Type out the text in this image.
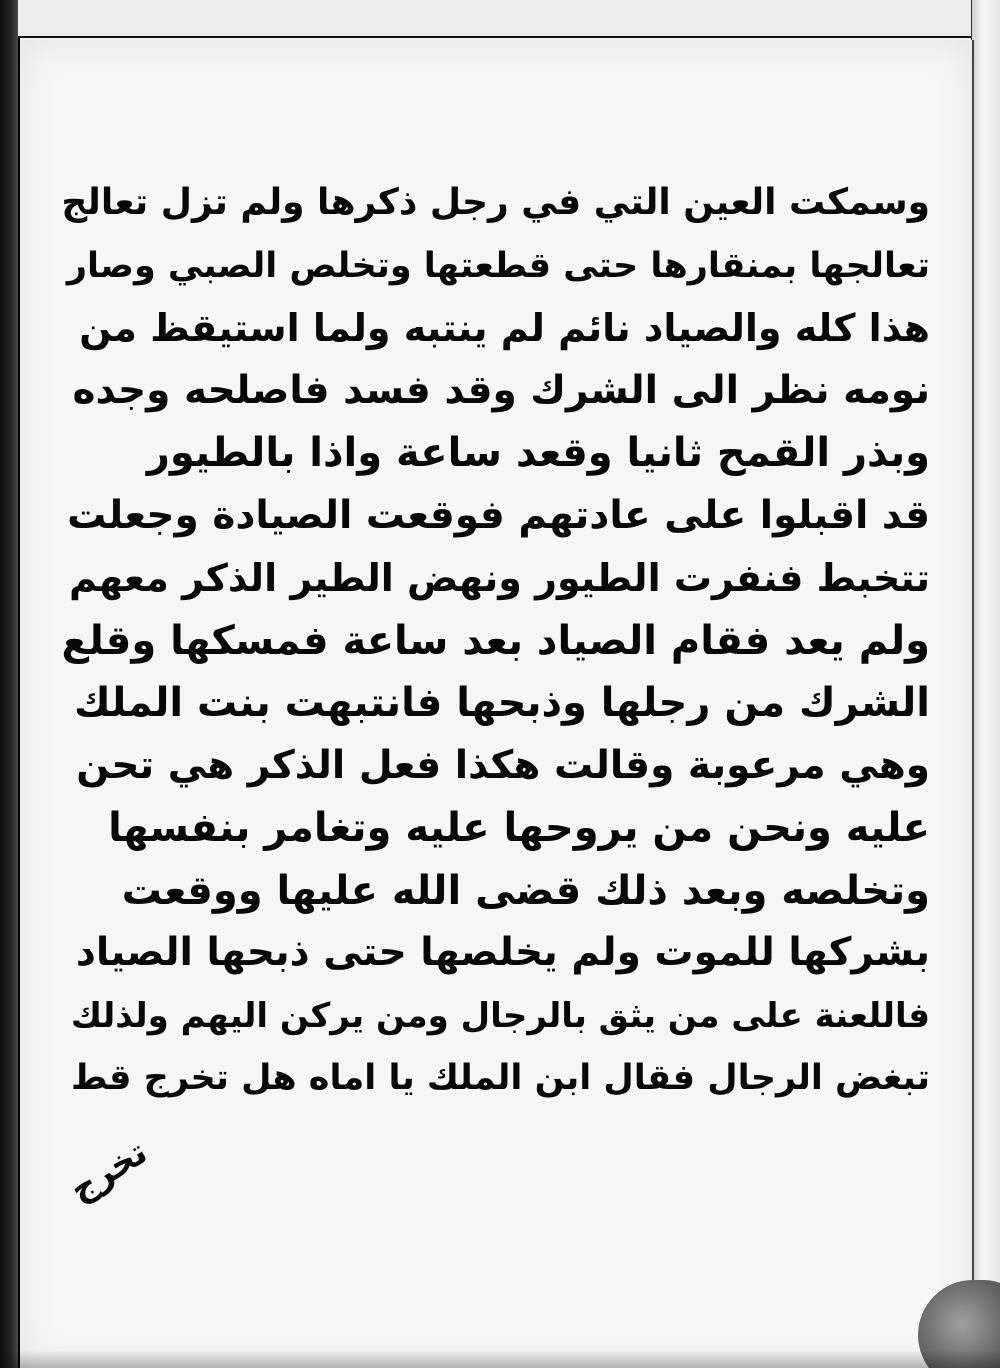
وسمكت العين التي في رجل ذكرها ولم تزل تعالج
تعالجها بمنقارها حتى قطعتها وتخلص الصبي وصار
هذا كله والصياد نائم لم ينتبه ولما استيقظ من
نومه نظر الى الشرك وقد فسد فاصلحه وجده
وبذر القمح ثانيا وقعد ساعة واذا بالطيور
قد اقبلوا على عادتهم فوقعت الصيادة وجعلت
تتخبط فنفرت الطيور ونهض الطير الذكر معهم
ولم يعد فقام الصياد بعد ساعة فمسكها وقلع
الشرك من رجلها وذبحها فانتبهت بنت الملك
وهي مرعوبة وقالت هكذا فعل الذكر هي تحن
عليه ونحن من يروحها عليه وتغامر بنفسها
وتخلصه وبعد ذلك قضى الله عليها ووقعت
بشركها للموت ولم يخلصها حتى ذبحها الصياد
فاللعنة على من يثق بالرجال ومن يركن اليهم ولذلك
تبغض الرجال فقال ابن الملك يا اماه هل تخرج قط
تخرج
